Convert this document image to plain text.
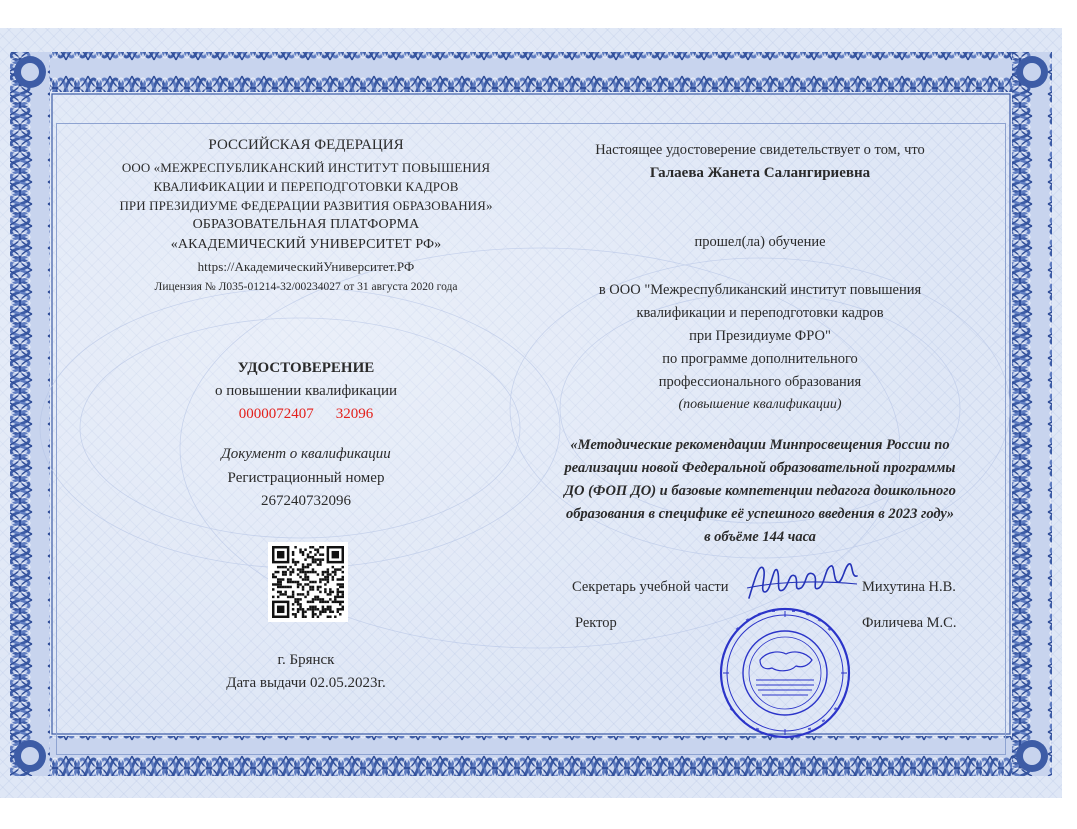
РОССИЙСКАЯ ФЕДЕРАЦИЯ
ООО «МЕЖРЕСПУБЛИКАНСКИЙ ИНСТИТУТ ПОВЫШЕНИЯ
КВАЛИФИКАЦИИ И ПЕРЕПОДГОТОВКИ КАДРОВ
ПРИ ПРЕЗИДИУМЕ ФЕДЕРАЦИИ РАЗВИТИЯ ОБРАЗОВАНИЯ»
ОБРАЗОВАТЕЛЬНАЯ ПЛАТФОРМА
«АКАДЕМИЧЕСКИЙ УНИВЕРСИТЕТ РФ»
https://АкадемическийУниверситет.РФ
Лицензия № Л035-01214-32/00234027 от 31 августа 2020 года
УДОСТОВЕРЕНИЕ
о повышении квалификации
0000072407 32096
Документ о квалификации
Регистрационный номер
267240732096
г. Брянск
Дата выдачи 02.05.2023г.
Настоящее удостоверение свидетельствует о том, что
Галаева Жанета Салангириевна
прошел(ла) обучение
в ООО "Межреспубликанский институт повышения
квалификации и переподготовки кадров
при Президиуме ФРО"
по программе дополнительного
профессионального образования
(повышение квалификации)
«Методические рекомендации Минпросвещения России по
реализации новой Федеральной образовательной программы
ДО (ФОП ДО) и базовые компетенции педагога дошкольного
образования в специфике её успешного введения в 2023 году»
в объёме 144 часа
Секретарь учебной части	Михутина Н.В.
Ректор	Филичева М.С.
